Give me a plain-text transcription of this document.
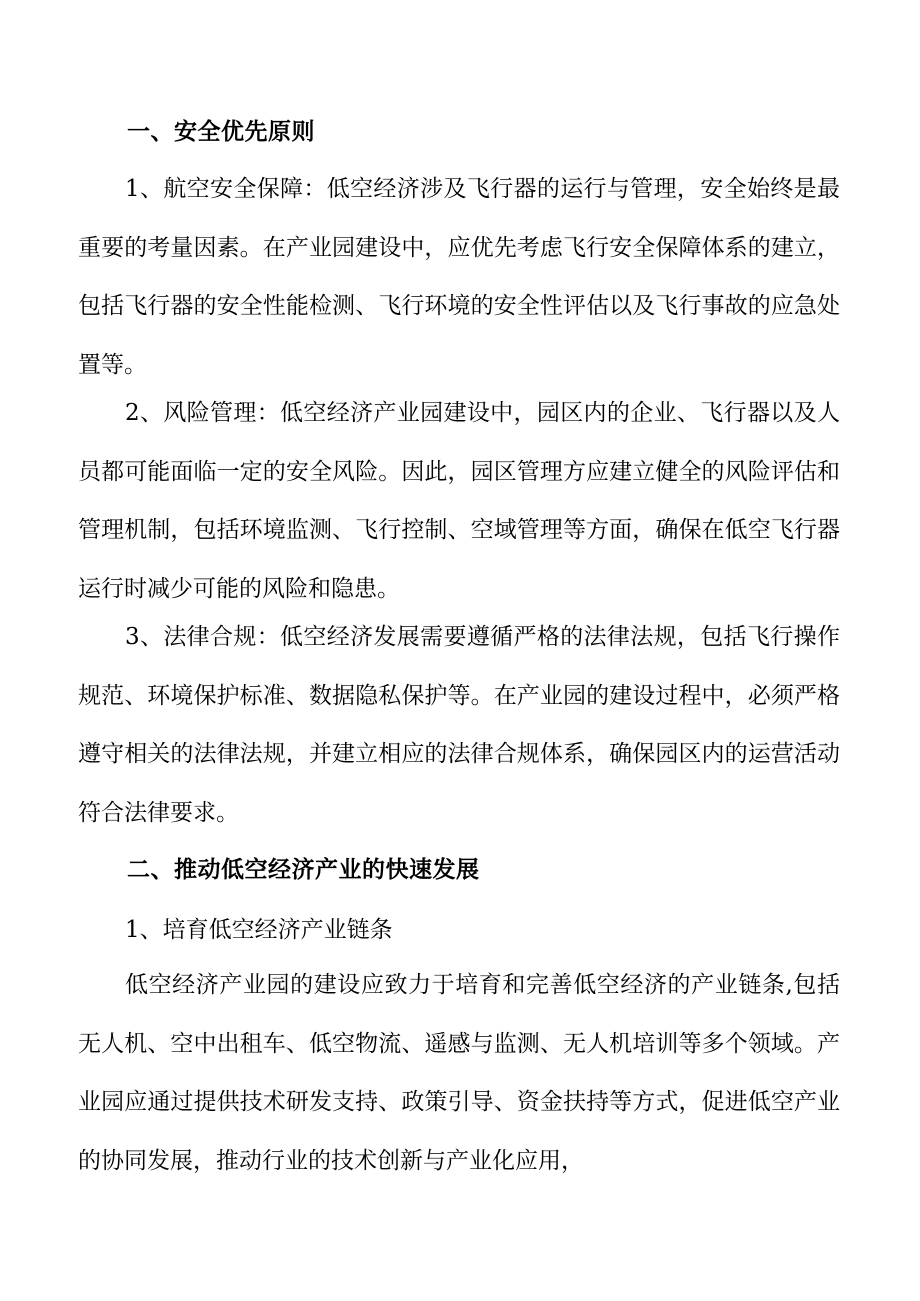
一、安全优先原则

1、航空安全保障：低空经济涉及飞行器的运行与管理，安全始终是最重要的考量因素。在产业园建设中，应优先考虑飞行安全保障体系的建立，包括飞行器的安全性能检测、飞行环境的安全性评估以及飞行事故的应急处置等。

2、风险管理：低空经济产业园建设中，园区内的企业、飞行器以及人员都可能面临一定的安全风险。因此，园区管理方应建立健全的风险评估和管理机制，包括环境监测、飞行控制、空域管理等方面，确保在低空飞行器运行时减少可能的风险和隐患。

3、法律合规：低空经济发展需要遵循严格的法律法规，包括飞行操作规范、环境保护标准、数据隐私保护等。在产业园的建设过程中，必须严格遵守相关的法律法规，并建立相应的法律合规体系，确保园区内的运营活动符合法律要求。

二、推动低空经济产业的快速发展

1、培育低空经济产业链条

低空经济产业园的建设应致力于培育和完善低空经济的产业链条,包括无人机、空中出租车、低空物流、遥感与监测、无人机培训等多个领域。产业园应通过提供技术研发支持、政策引导、资金扶持等方式，促进低空产业的协同发展，推动行业的技术创新与产业化应用，
